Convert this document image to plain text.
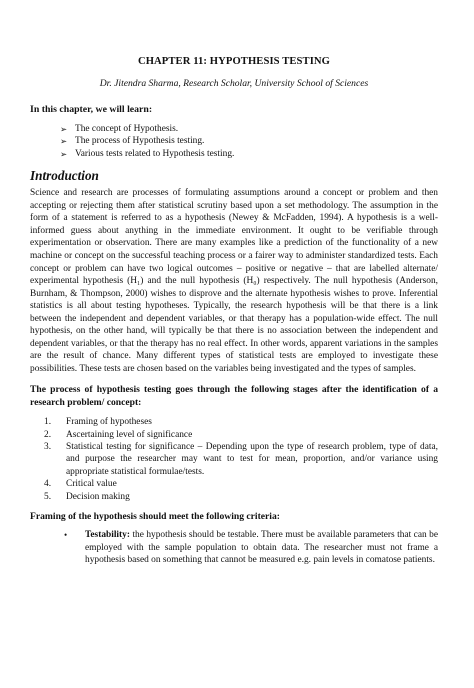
CHAPTER 11: HYPOTHESIS TESTING
Dr. Jitendra Sharma, Research Scholar, University School of Sciences
In this chapter, we will learn:
➢ The concept of Hypothesis.
➢ The process of Hypothesis testing.
➢ Various tests related to Hypothesis testing.
Introduction

Science and research are processes of formulating assumptions around a concept or problem and then accepting or rejecting them after statistical scrutiny based upon a set methodology. The assumption in the form of a statement is referred to as a hypothesis (Newey & McFadden, 1994). A hypothesis is a well-informed guess about anything in the immediate environment. It ought to be verifiable through experimentation or observation. There are many examples like a prediction of the functionality of a new machine or concept on the successful teaching process or a fairer way to administer standardized tests. Each concept or problem can have two logical outcomes – positive or negative – that are labelled alternate/ experimental hypothesis (H₁) and the null hypothesis (H₀) respectively. The null hypothesis (Anderson, Burnham, & Thompson, 2000) wishes to disprove and the alternate hypothesis wishes to prove. Inferential statistics is all about testing hypotheses. Typically, the research hypothesis will be that there is a link between the independent and dependent variables, or that therapy has a population-wide effect. The null hypothesis, on the other hand, will typically be that there is no association between the independent and dependent variables, or that the therapy has no real effect. In other words, apparent variations in the samples are the result of chance. Many different types of statistical tests are employed to investigate these possibilities. These tests are chosen based on the variables being investigated and the types of samples.

The process of hypothesis testing goes through the following stages after the identification of a research problem/ concept:
1. Framing of hypotheses
2. Ascertaining level of significance
3. Statistical testing for significance – Depending upon the type of research problem, type of data, and purpose the researcher may want to test for mean, proportion, and/or variance using appropriate statistical formulae/tests.
4. Critical value
5. Decision making
Framing of the hypothesis should meet the following criteria:
• Testability: the hypothesis should be testable. There must be available parameters that can be employed with the sample population to obtain data. The researcher must not frame a hypothesis based on something that cannot be measured e.g. pain levels in comatose patients.
